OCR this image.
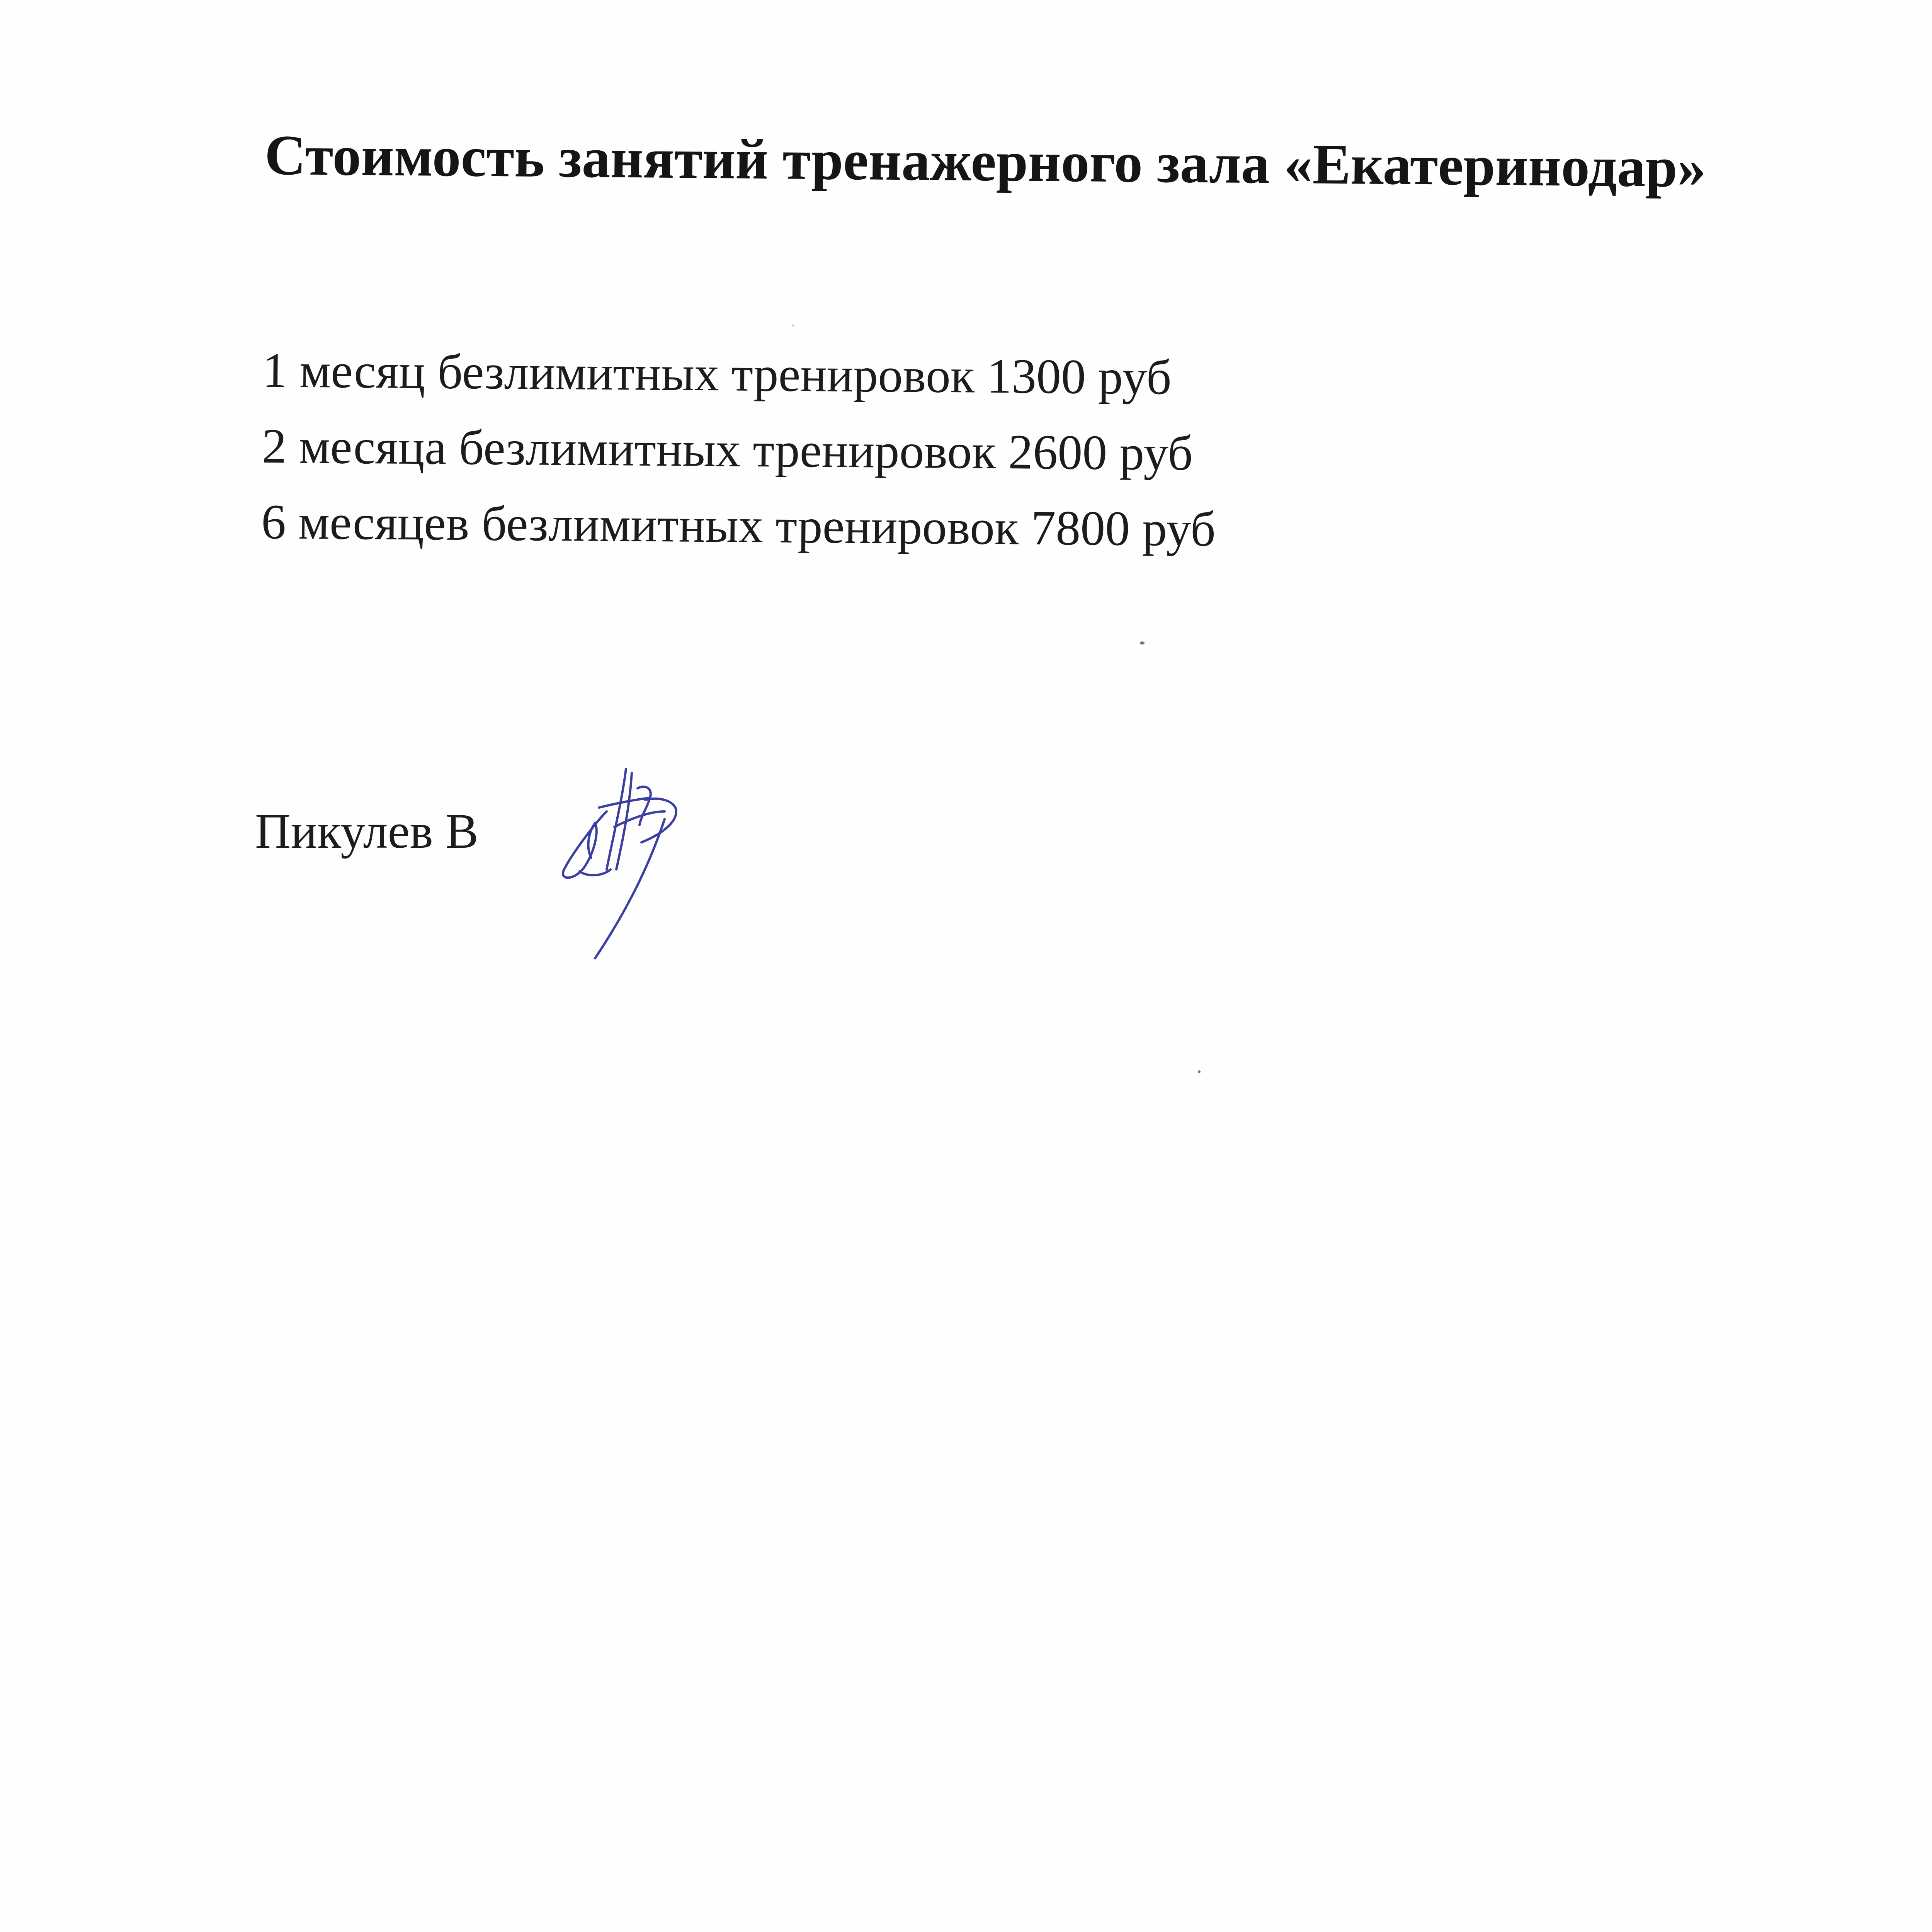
Стоимость занятий тренажерного зала «Екатеринодар»
1 месяц безлимитных тренировок 1300 руб
2 месяца безлимитных тренировок 2600 руб
6 месяцев безлимитных тренировок 7800 руб
Пикулев В
